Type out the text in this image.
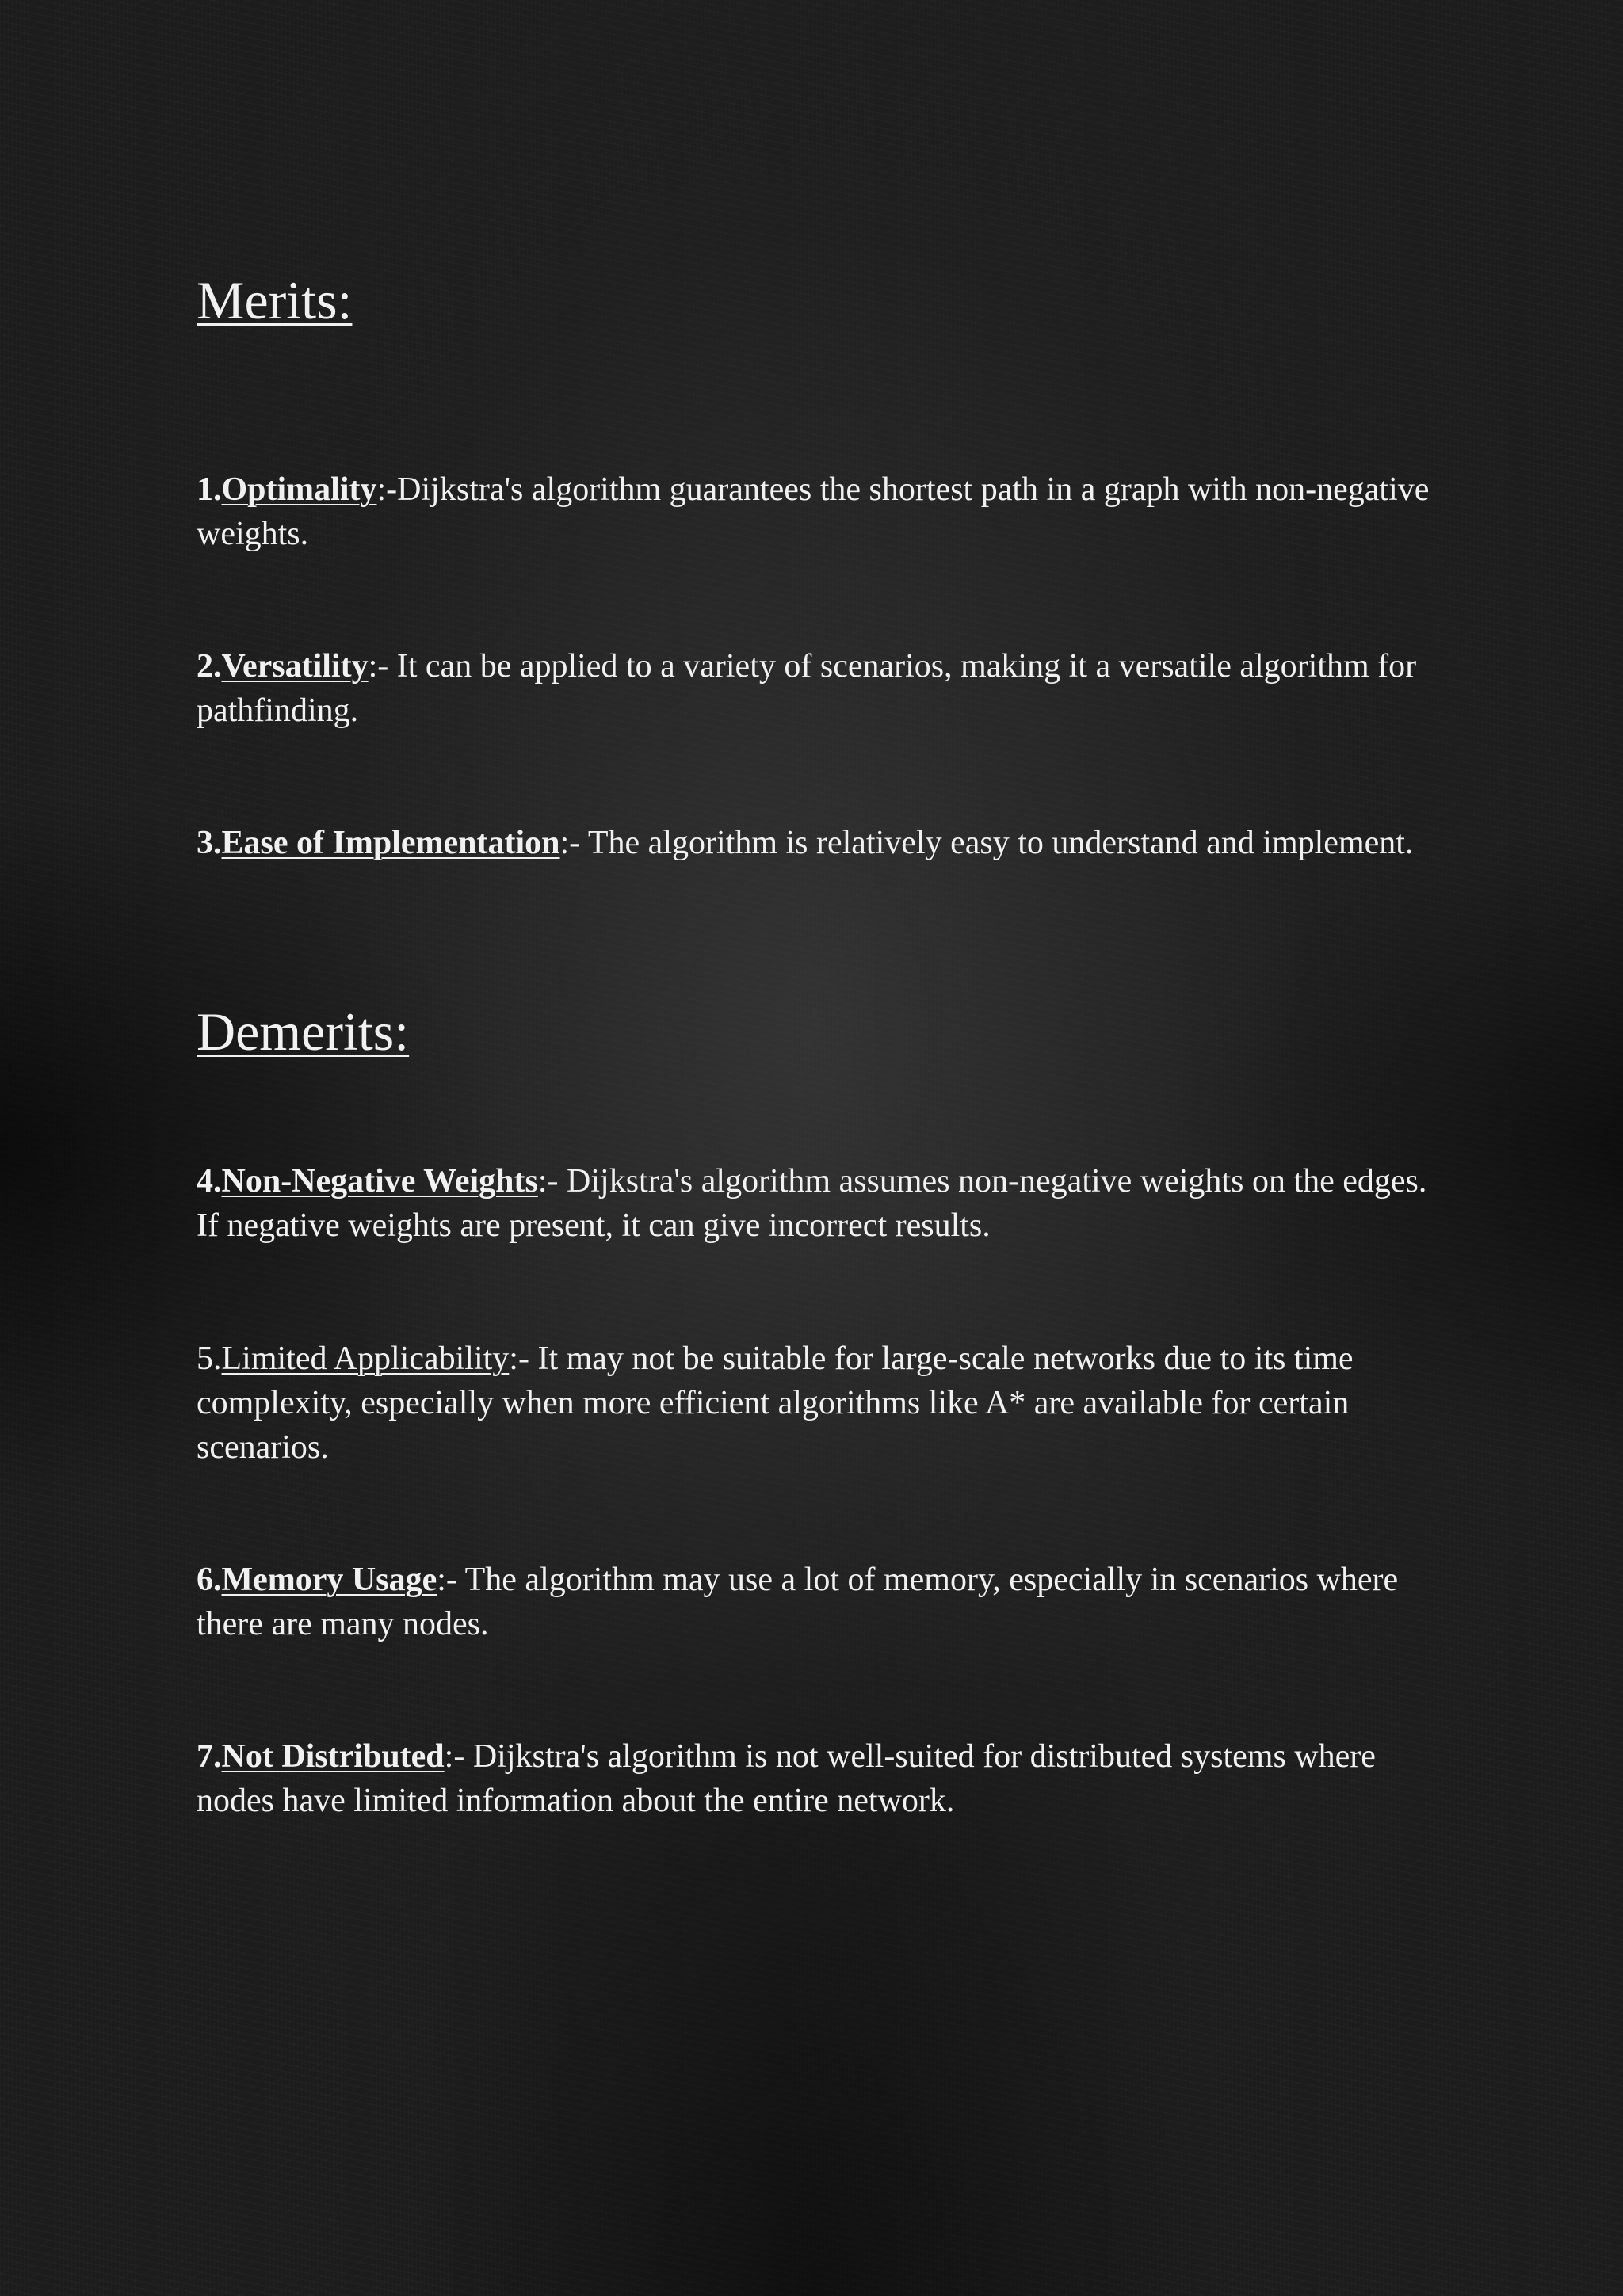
Merits:

1.Optimality:-Dijkstra's algorithm guarantees the shortest path in a graph with non-negative weights.

2.Versatility:- It can be applied to a variety of scenarios, making it a versatile algorithm for pathfinding.

3.Ease of Implementation:- The algorithm is relatively easy to understand and implement.

Demerits:

4.Non-Negative Weights:- Dijkstra's algorithm assumes non-negative weights on the edges. If negative weights are present, it can give incorrect results.

5.Limited Applicability:- It may not be suitable for large-scale networks due to its time complexity, especially when more efficient algorithms like A* are available for certain scenarios.

6.Memory Usage:- The algorithm may use a lot of memory, especially in scenarios where there are many nodes.

7.Not Distributed:- Dijkstra's algorithm is not well-suited for distributed systems where nodes have limited information about the entire network.
